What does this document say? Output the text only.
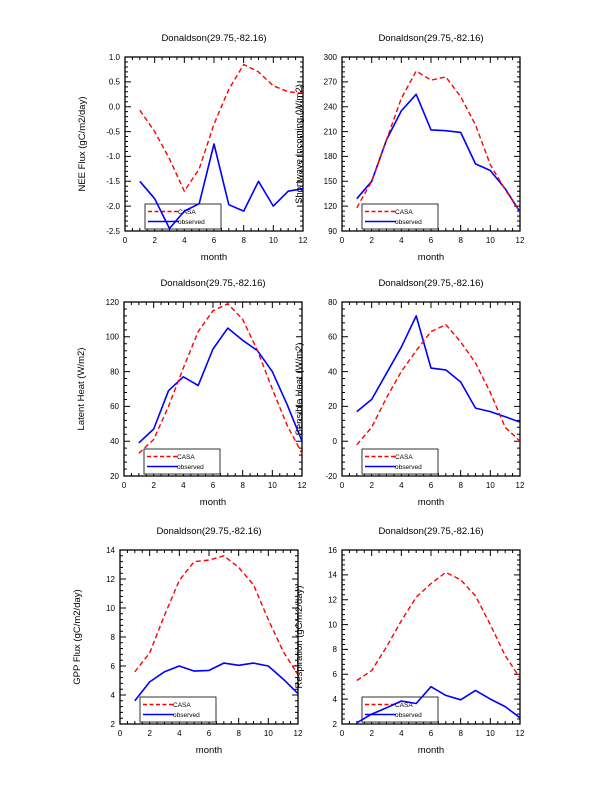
Donaldson(29.75,-82.16)
NEE Flux (gC/m2/day)
month
0	2	4	6	8	10	12
-2.5
-2.0
-1.5
-1.0
-0.5
0.0
0.5
1.0
CASA
observed
Donaldson(29.75,-82.16)
Shortwave Incoming (W/m2)
month
0	2	4	6	8	10	12
90
120
150
180
210
240
270
300
CASA
observed
Donaldson(29.75,-82.16)
Latent Heat (W/m2)
month
0	2	4	6	8	10	12
20
40
60
80
100
120
CASA
observed
Donaldson(29.75,-82.16)
Sensible Heat (W/m2)
month
0	2	4	6	8	10	12
-20
0
20
40
60
80
CASA
observed
Donaldson(29.75,-82.16)
GPP Flux (gC/m2/day)
month
0	2	4	6	8	10	12
2
4
6
8
10
12
14
CASA
observed
Donaldson(29.75,-82.16)
Respiration (gC/m2/day)
month
0	2	4	6	8	10	12
2
4
6
8
10
12
14
16
CASA
observed
